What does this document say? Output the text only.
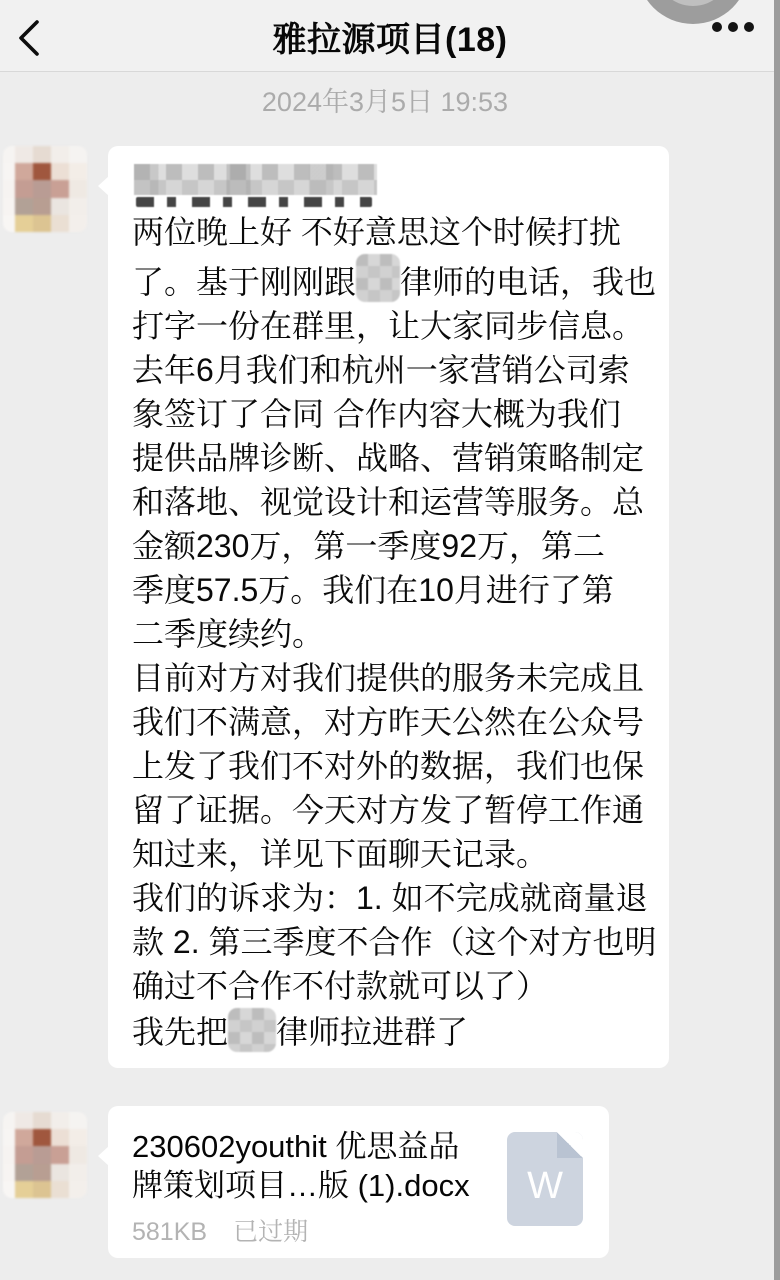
雅拉源项目(18)
2024年3月5日 19:53
两位晚上好 不好意思这个时候打扰
了。基于刚刚跟 律师的电话，我也
打字一份在群里，让大家同步信息。
去年6月我们和杭州一家营销公司索
象签订了合同 合作内容大概为我们
提供品牌诊断、战略、营销策略制定
和落地、视觉设计和运营等服务。总
金额230万，第一季度92万，第二
季度57.5万。我们在10月进行了第
二季度续约。
目前对方对我们提供的服务未完成且
我们不满意，对方昨天公然在公众号
上发了我们不对外的数据，我们也保
留了证据。今天对方发了暂停工作通
知过来，详见下面聊天记录。
我们的诉求为：1. 如不完成就商量退
款 2. 第三季度不合作（这个对方也明
确过不合作不付款就可以了）
我先把 律师拉进群了
230602youthit 优思益品
牌策划项目…版 (1).docx
581KB 已过期
W
